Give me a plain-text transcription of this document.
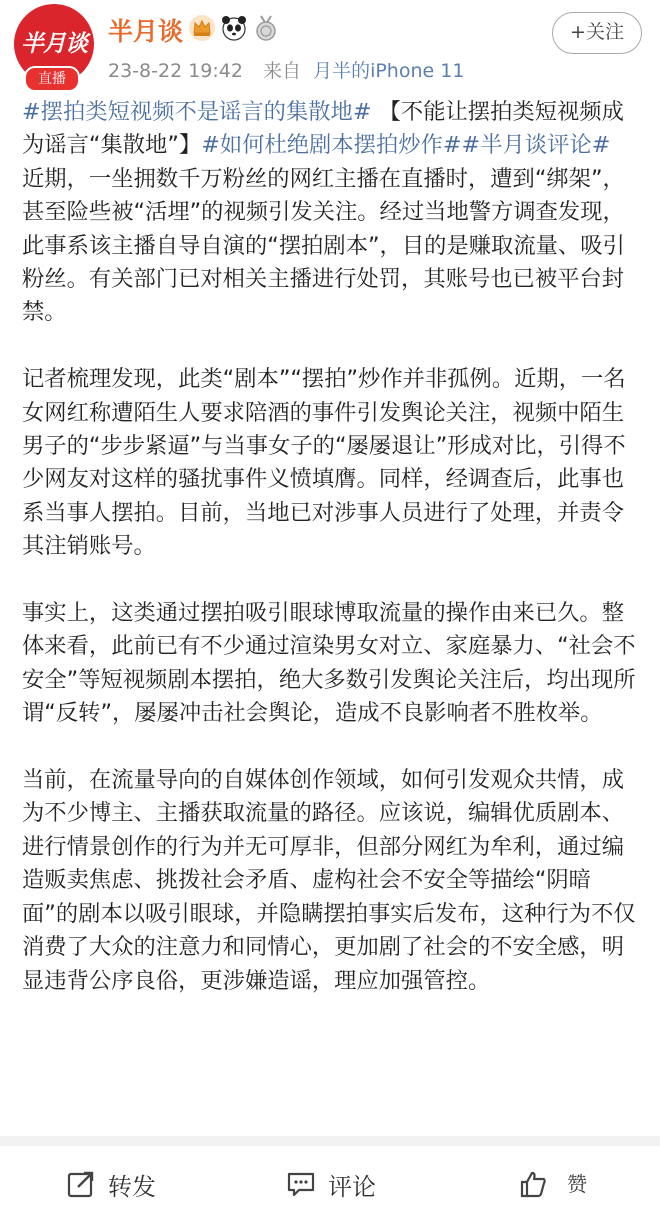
半月谈
直播
半月谈
23-8-22 19:42 来自 月半的iPhone 11
+关注

#摆拍类短视频不是谣言的集散地# 【不能让摆拍类短视频成为谣言“集散地”】#如何杜绝剧本摆拍炒作##半月谈评论#

近期，一坐拥数千万粉丝的网红主播在直播时，遭到“绑架”，甚至险些被“活埋”的视频引发关注。经过当地警方调查发现，此事系该主播自导自演的“摆拍剧本”，目的是赚取流量、吸引粉丝。有关部门已对相关主播进行处罚，其账号也已被平台封禁。

记者梳理发现，此类“剧本”“摆拍”炒作并非孤例。近期，一名女网红称遭陌生人要求陪酒的事件引发舆论关注，视频中陌生男子的“步步紧逼”与当事女子的“屡屡退让”形成对比，引得不少网友对这样的骚扰事件义愤填膺。同样，经调查后，此事也系当事人摆拍。目前，当地已对涉事人员进行了处理，并责令其注销账号。

事实上，这类通过摆拍吸引眼球博取流量的操作由来已久。整体来看，此前已有不少通过渲染男女对立、家庭暴力、“社会不安全”等短视频剧本摆拍，绝大多数引发舆论关注后，均出现所谓“反转”，屡屡冲击社会舆论，造成不良影响者不胜枚举。

当前，在流量导向的自媒体创作领域，如何引发观众共情，成为不少博主、主播获取流量的路径。应该说，编辑优质剧本、进行情景创作的行为并无可厚非，但部分网红为牟利，通过编造贩卖焦虑、挑拨社会矛盾、虚构社会不安全等描绘“阴暗面”的剧本以吸引眼球，并隐瞒摆拍事实后发布，这种行为不仅消费了大众的注意力和同情心，更加剧了社会的不安全感，明显违背公序良俗，更涉嫌造谣，理应加强管控。

转发	评论	赞
